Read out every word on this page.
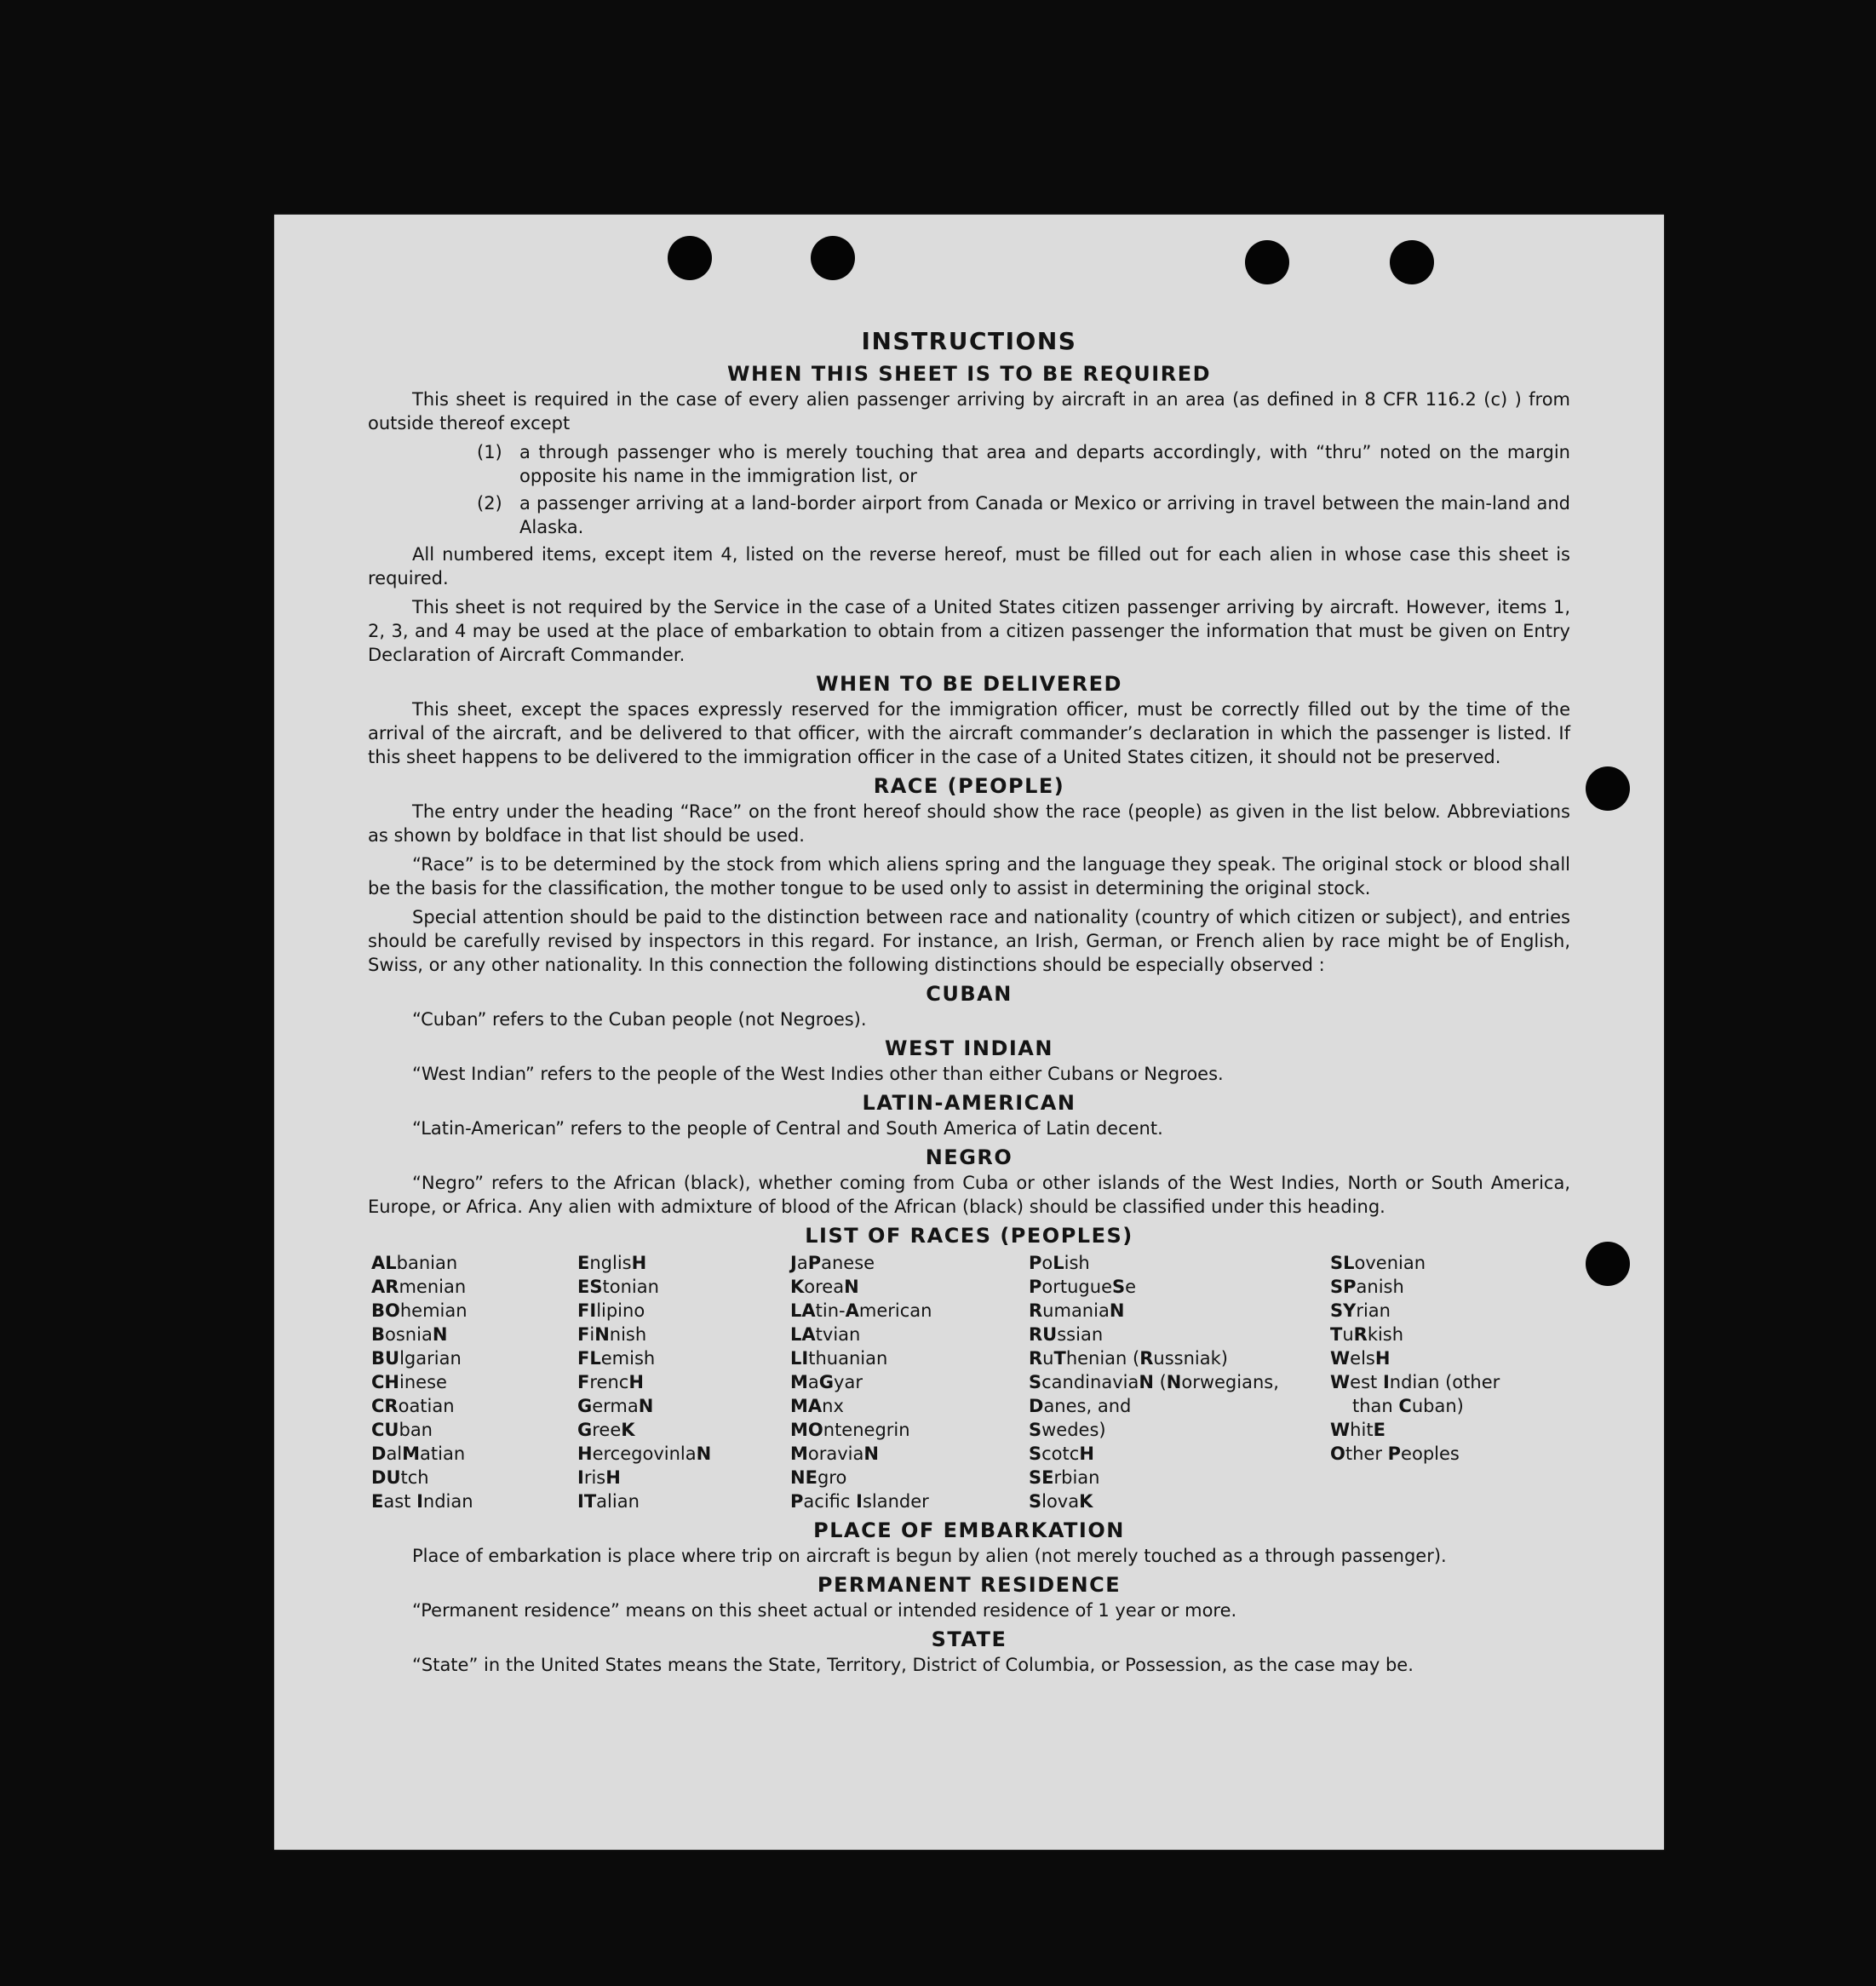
INSTRUCTIONS
WHEN THIS SHEET IS TO BE REQUIRED
This sheet is required in the case of every alien passenger arriving by aircraft in an area (as defined in 8 CFR 116.2 (c) ) from outside thereof except
(1) a through passenger who is merely touching that area and departs accordingly, with “thru” noted on the margin opposite his name in the immigration list, or
(2) a passenger arriving at a land-border airport from Canada or Mexico or arriving in travel between the main-land and Alaska.
All numbered items, except item 4, listed on the reverse hereof, must be filled out for each alien in whose case this sheet is required.
This sheet is not required by the Service in the case of a United States citizen passenger arriving by aircraft. However, items 1, 2, 3, and 4 may be used at the place of embarkation to obtain from a citizen passenger the information that must be given on Entry Declaration of Aircraft Commander.
WHEN TO BE DELIVERED
This sheet, except the spaces expressly reserved for the immigration officer, must be correctly filled out by the time of the arrival of the aircraft, and be delivered to that officer, with the aircraft commander’s declaration in which the passenger is listed. If this sheet happens to be delivered to the immigration officer in the case of a United States citizen, it should not be preserved.
RACE (PEOPLE)
The entry under the heading “Race” on the front hereof should show the race (people) as given in the list below. Abbreviations as shown by boldface in that list should be used.
“Race” is to be determined by the stock from which aliens spring and the language they speak. The original stock or blood shall be the basis for the classification, the mother tongue to be used only to assist in determining the original stock.
Special attention should be paid to the distinction between race and nationality (country of which citizen or subject), and entries should be carefully revised by inspectors in this regard. For instance, an Irish, German, or French alien by race might be of English, Swiss, or any other nationality. In this connection the following distinctions should be especially observed :
CUBAN
“Cuban” refers to the Cuban people (not Negroes).
WEST INDIAN
“West Indian” refers to the people of the West Indies other than either Cubans or Negroes.
LATIN-AMERICAN
“Latin-American” refers to the people of Central and South America of Latin decent.
NEGRO
“Negro” refers to the African (black), whether coming from Cuba or other islands of the West Indies, North or South America, Europe, or Africa. Any alien with admixture of blood of the African (black) should be classified under this heading.
LIST OF RACES (PEOPLES)
ALbanian
ARmenian
BOhemian
BosniaN
BUlgarian
CHinese
CRoatian
CUban
DalMatian
DUtch
East Indian
EnglisH
EStonian
FIlipino
FiNnish
FLemish
FrencH
GermaN
GreeK
HercegovinlaN
IrisH
ITalian
JaPanese
KoreaN
LAtin-American
LAtvian
LIthuanian
MaGyar
MAnx
MOntenegrin
MoraviaN
NEgro
Pacific Islander
PoLish
PortugueSe
RumaniaN
RUssian
RuThenian (Russniak)
ScandinaviaN (Norwegians,
Danes, and
Swedes)
ScotcH
SErbian
SlovaK
SLovenian
SPanish
SYrian
TuRkish
WelsH
West Indian (other
than Cuban)
WhitE
Other Peoples
PLACE OF EMBARKATION
Place of embarkation is place where trip on aircraft is begun by alien (not merely touched as a through passenger).
PERMANENT RESIDENCE
“Permanent residence” means on this sheet actual or intended residence of 1 year or more.
STATE
“State” in the United States means the State, Territory, District of Columbia, or Possession, as the case may be.
